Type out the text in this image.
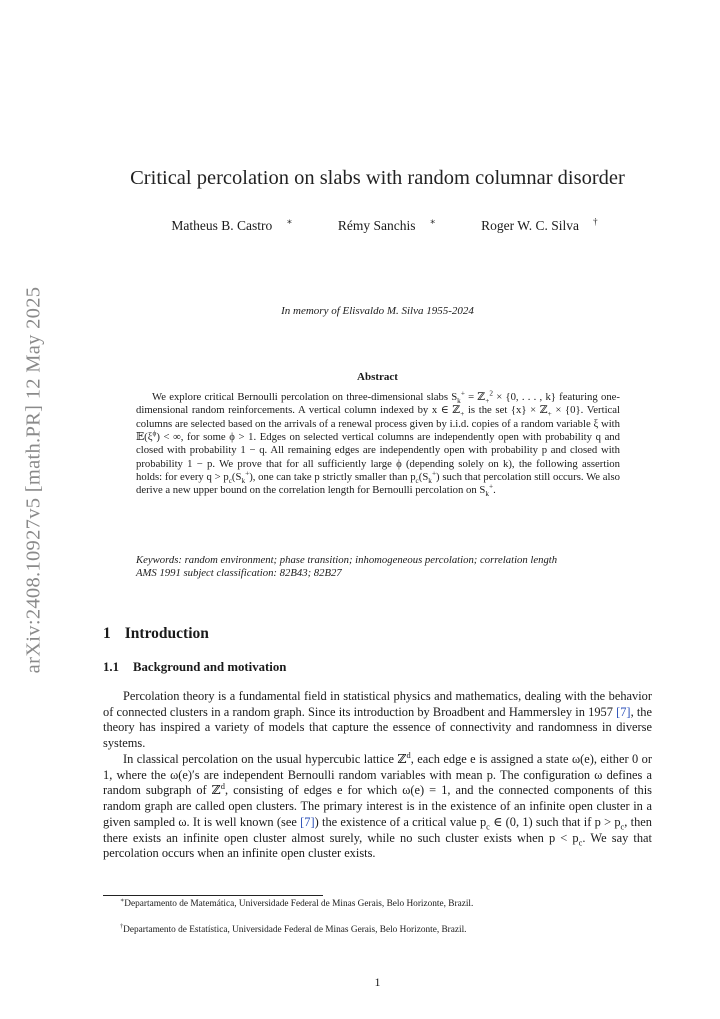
arXiv:2408.10927v5 [math.PR] 12 May 2025
Critical percolation on slabs with random columnar disorder
Matheus B. Castro ∗	Rémy Sanchis ∗	Roger W. C. Silva †
In memory of Elisvaldo M. Silva 1955-2024
Abstract
We explore critical Bernoulli percolation on three-dimensional slabs $S_k^+$ = ℤ$_+^2$ × {0, . . . , k} featuring one-dimensional random reinforcements. A vertical column indexed by x ∈ ℤ$_+$ is the set {x} × ℤ$_+$ × {0}. Vertical columns are selected based on the arrivals of a renewal process given by i.i.d. copies of a random variable ξ with $𝔼(\xi^\phi)$ < ∞, for some ϕ > 1. Edges on selected vertical columns are independently open with probability q and closed with probability 1 − q. All remaining edges are independently open with probability p and closed with probability 1 − p. We prove that for all sufficiently large ϕ (depending solely on k), the following assertion holds: for every $q > p_c(S_k^+)$, one can take p strictly smaller than $p_c(S_k^+)$ such that percolation still occurs. We also derive a new upper bound on the correlation length for Bernoulli percolation on $S_k^+$.
Keywords: random environment; phase transition; inhomogeneous percolation; correlation length
AMS 1991 subject classification: 82B43; 82B27
1 Introduction
1.1 Background and motivation
Percolation theory is a fundamental field in statistical physics and mathematics, dealing with the behavior of connected clusters in a random graph. Since its introduction by Broadbent and Hammersley in 1957 [7], the theory has inspired a variety of models that capture the essence of connectivity and randomness in diverse systems.
In classical percolation on the usual hypercubic lattice ℤ$^d$, each edge e is assigned a state ω(e), either 0 or 1, where the ω(e)′s are independent Bernoulli random variables with mean p. The configuration ω defines a random subgraph of ℤ$^d$, consisting of edges e for which ω(e) = 1, and the connected components of this random graph are called open clusters. The primary interest is in the existence of an infinite open cluster in a given sampled ω. It is well known (see [7]) the existence of a critical value $p_c$ ∈ (0, 1) such that if $p > p_c$, then there exists an infinite open cluster almost surely, while no such cluster exists when $p < p_c$. We say that percolation occurs when an infinite open cluster exists.
∗Departamento de Matemática, Universidade Federal de Minas Gerais, Belo Horizonte, Brazil.
†Departamento de Estatística, Universidade Federal de Minas Gerais, Belo Horizonte, Brazil.
1
